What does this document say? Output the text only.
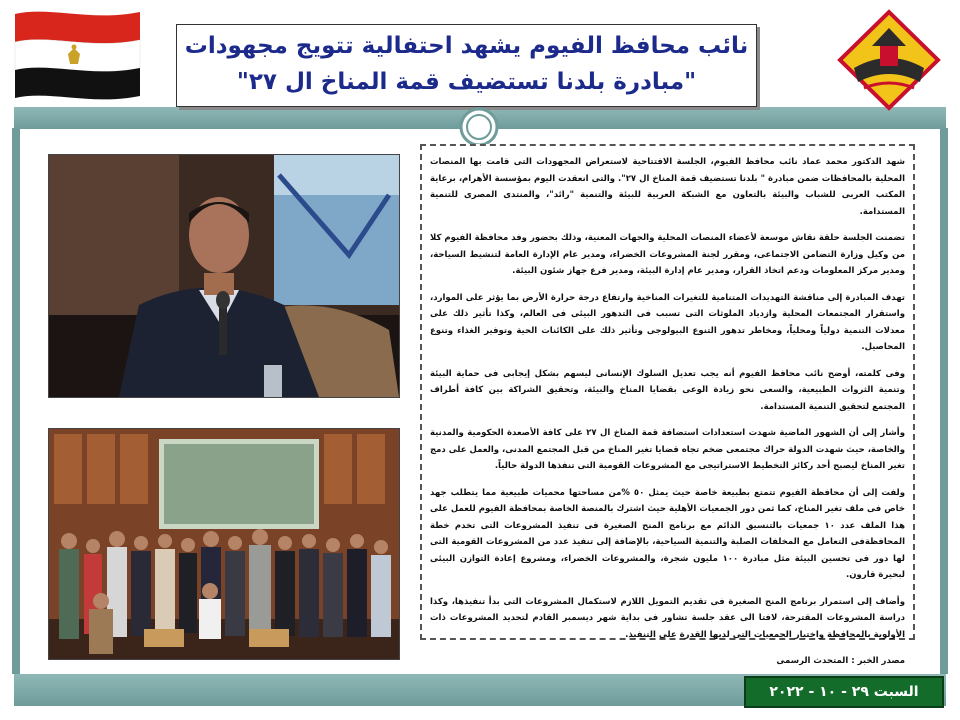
نائب محافظ الفيوم يشهد احتفالية تتويج مجهودات
"مبادرة بلدنا تستضيف قمة المناخ ال ٢٧"

شهد الدكتور محمد عماد نائب محافظ الفيوم، الجلسة الافتتاحية لاستعراض المجهودات التى قامت بها المنصات المحلية بالمحافظات ضمن مبادرة " بلدنا تستضيف قمة المناخ ال ٢٧". والتى انعقدت اليوم بمؤسسة الأهرام، برعاية المكتب العربى للشباب والبيئة بالتعاون مع الشبكة العربية للبيئة والتنمية "رائد"، والمنتدى المصرى للتنمية المستدامة.

تضمنت الجلسة حلقة نقاش موسعة لأعضاء المنصات المحلية والجهات المعنية، وذلك بحضور وفد محافظة الفيوم كلا من وكيل وزارة التضامن الاجتماعى، ومقرر لجنة المشروعات الخضراء، ومدير عام الإدارة العامة لتنشيط السياحة، ومدير مركز المعلومات ودعم اتخاذ القرار، ومدير عام إدارة البيئة، ومدير فرع جهاز شئون البيئة.

تهدف المبادرة إلى مناقشة التهديدات المتنامية للتغيرات المناخية وارتفاع درجة حرارة الأرض بما يؤثر على الموارد، واستقرار المجتمعات المحلية وازدياد الملوثات التى تسبب فى التدهور البيئى فى العالم، وكذا تأثير ذلك على معدلات التنمية دولياً ومحلياً، ومخاطر تدهور التنوع البيولوجى وتأثير ذلك على الكائنات الحية وتوفير الغذاء وتنوع المحاصيل.

وفى كلمته، أوضح نائب محافظ الفيوم أنه يجب تعديل السلوك الإنسانى ليسهم بشكل إيجابى فى حماية البيئة وتنمية الثروات الطبيعية، والسعى نحو زيادة الوعى بقضايا المناخ والبيئة، وتحقيق الشراكة بين كافة أطراف المجتمع لتحقيق التنمية المستدامة.

وأشار إلى أن الشهور الماضية شهدت استعدادات استضافة قمة المناخ ال ٢٧ على كافة الأصعدة الحكومية والمدنية والخاصة، حيث شهدت الدولة حراك مجتمعى ضخم تجاه قضايا تغير المناخ من قبل المجتمع المدنى، والعمل على دمج تغير المناخ ليصبح أحد ركائز التخطيط الاستراتيجى مع المشروعات القومية التى تنفذها الدولة حالياً.

ولفت إلى أن محافظة الفيوم تتمتع بطبيعة خاصة حيث يمثل ٥٠ %من مساحتها محميات طبيعية مما يتطلب جهد خاص فى ملف تغير المناخ، كما ثمن دور الجمعيات الأهلية حيث اشترك بالمنصة الخاصة بمحافظة الفيوم للعمل على هذا الملف عدد ١٠ جمعيات بالتنسيق الدائم مع برنامج المنح الصغيرة فى تنفيذ المشروعات التى تخدم خطة المحافظةفى التعامل مع المخلفات الصلبة والتنمية السياحية، بالإضافة إلى تنفيذ عدد من المشروعات القومية التى لها دور فى تحسين البيئة مثل مبادرة ١٠٠ مليون شجرة، والمشروعات الخضراء، ومشروع إعادة التوازن البيئى لبحيرة قارون.

وأضاف إلى استمرار برنامج المنح الصغيرة فى تقديم التمويل اللازم لاستكمال المشروعات التى بدأ تنفيذها، وكذا دراسة المشروعات المقترحة، لافتا الى عقد جلسة تشاور فى بداية شهر ديسمبر القادم لتحديد المشروعات ذات الأولوية بالمحافظة واختيار الجمعيات التى لديها القدرة على التنفيذ.

مصدر الخبر : المتحدث الرسمى
السبت ٢٩ - ١٠ - ٢٠٢٢
